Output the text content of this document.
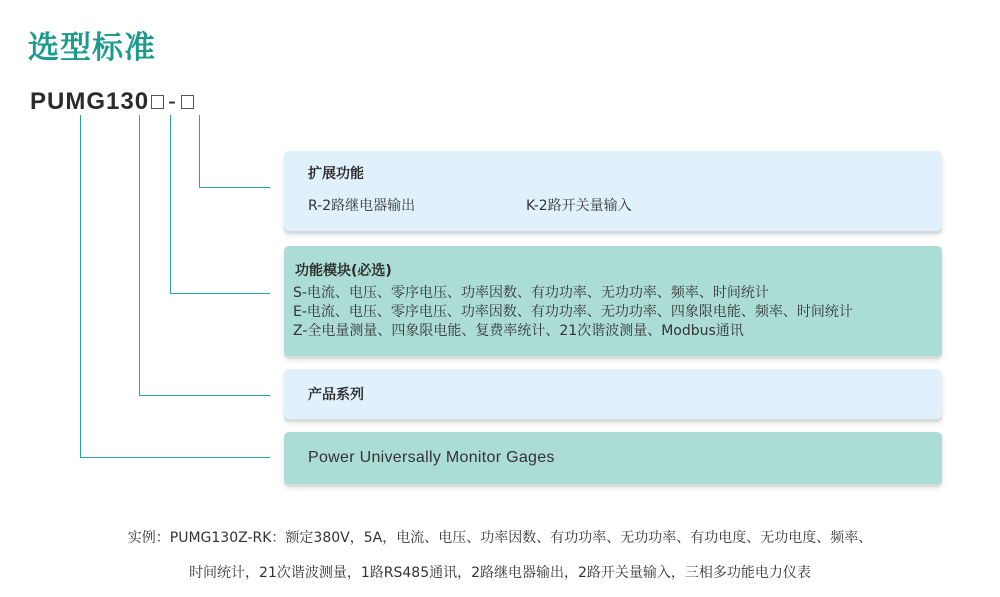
选型标准
PUMG130 -

扩展功能

R-2路继电器输出	K-2路开关量输入

功能模块(必选)

S-电流、电压、零序电压、功率因数、有功功率、无功功率、频率、时间统计

E-电流、电压、零序电压、功率因数、有功功率、无功功率、四象限电能、频率、时间统计

Z-全电量测量、四象限电能、复费率统计、21次谐波测量、Modbus通讯

产品系列

Power Universally Monitor Gages

实例：PUMG130Z-RK：额定380V，5A，电流、电压、功率因数、有功功率、无功功率、有功电度、无功电度、频率、

时间统计，21次谐波测量，1路RS485通讯，2路继电器输出，2路开关量输入，三相多功能电力仪表
